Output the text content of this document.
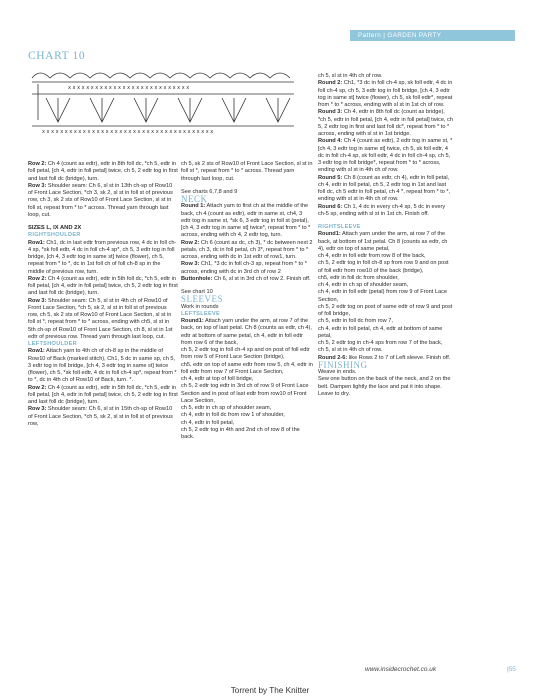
Pattern | GARDEN PARTY
CHART 10
x x x x x x x x x x x x x x x x x x x x x x x x x x x
x x x x x x x x x x x x x x x x x x x x x x x x x x x x x x x x x x x x x x

Row 2: Ch 4 (count as edtr), edtr in 8th foll dc, *ch 5, edtr in foll petal, [ch 4, edtr in foll petal] twice, ch 5, 2 edtr tog in first and last foll dc (bridge), turn.

Row 3: Shoulder seam: Ch 6, sl st in 13th ch-sp of Row10 of Front Lace Section, *ch 3, sk 2, sl st in foll st of previous row, ch 3, sk 2 sts of Row10 of Front Lace Section, sl st in foll st, repeat from * to * across. Thread yarn through last loop, cut.

SIZES L, IX AND 2X

RIGHTSHOULDER

Row1: Ch1, dc in last edtr from previous row, 4 dc in foll ch-4 sp, *sk foll edtr, 4 dc in foll ch-4 sp*, ch 5, 3 edtr tog in foll bridge, [ch 4, 3 edtr tog in same st] twice (flower), ch 5, repeat from * to *, dc in 1st foll ch of foll ch-8 sp in the middle of previous row, turn.

Row 2: Ch 4 (count as edtr), edtr in 5th foll dc, *ch 5, edtr in foll petal, [ch 4, edtr in foll petal] twice, ch 5, 2 edtr tog in first and last foll dc (bridge), turn.

Row 3: Shoulder seam: Ch 5, sl st in 4th ch of Row10 of Front Lace Section, *ch 5, sk 2, sl st in foll st of previous row, ch 5, sk 2 sts of Row10 of Front Lace Section, sl st in foll st *, repeat from * to * across, ending with ch5, sl st in 5th ch-sp of Row10 of Front Lace Section, ch 8, sl st in 1st edtr of previous row. Thread yarn through last loop, cut.

LEFTSHOULDER

Row1: Attach yarn to 4th ch of ch-8 sp in the middle of Row10 of Back (marked stitch), Ch1, 5 dc in same sp, ch 5, 3 edtr tog in foll bridge, [ch 4, 3 edtr tog in same st] twice (flower), ch 5, *sk foll edtr, 4 dc in foll ch-4 sp*, repeat from * to *, dc in 4th ch of Row10 of Back, turn. *.

Row 2: Ch 4 (count as edtr), edtr in 5th foll dc, *ch 5, edtr in foll petal, [ch 4, edtr in foll petal] twice, ch 5, 2 edtr tog in first and last foll dc (bridge), turn.

Row 3: Shoulder seam: Ch 6, sl st in 15th ch-sp of Row10 of Front Lace Section, *ch 5, sk 2, sl st in foll st of previous row,

ch 5, sk 2 sts of Row10 of Front Lace Section, sl st in foll st *, repeat from * to * across. Thread yarn through last loop, cut.

See charts 6,7,8 and 9

NECK

Round 1: Attach yarn to first ch at the middle of the back, ch 4 (count as edtr), edtr in same st, ch4, 3 edtr tog in same st, *sk 6, 3 edtr tog in foll st (petal), [ch 4, 3 edtr tog in same st] twice*, repeat from * to * across, ending with ch 4, 2 edtr tog, turn.

Row 2: Ch 6 (count as dc, ch 3), * dc between next 2 petals, ch 3, dc in foll petal, ch 3*, repeat from * to * across, ending with dc in 1st edtr of row1, turn.

Row 3: Ch1, *3 dc in foll ch-3 sp, repeat from * to * across, ending with dc in 3rd ch of row 2

Buttonhole: Ch 6, sl st in 3rd ch of row 2. Finish off.

See chart 10

SLEEVES

Work in rounds

LEFTSLEEVE

Round1: Attach yarn under the arm, at row 7 of the back, on top of last petal. Ch 8 (counts as edtr, ch 4), edtr at bottom of same petal, ch 4, edtr in foll edtr from row 6 of the back,

ch 5, 2 edtr tog in foll ch-4 sp and on post of foll edtr from row 5 of Front Lace Section (bridge),

ch5, edtr on top of same edtr from row 5, ch 4, edtr in foll edtr from row 7 of Front Lace Section,

ch 4, edtr at top of foll bridge,

ch 5, 2 edtr tog edtr in 3rd ch of row 9 of Front Lace Section and in post of last edtr from row10 of Front Lace Section,

ch 5, edtr in ch sp of shoulder seam,

ch 4, edtr in foll dc from row 1 of shoulder,

ch 4, edtr in foll petal,

ch 5, 2 edtr tog in 4th and 2nd ch of row 8 of the back.

ch 5, sl st in 4th ch of row.

Round 2: Ch1, *3 dc in foll ch-4 sp, sk foll edtr, 4 dc in foll ch-4 sp, ch 5, 3 edtr tog in foll bridge, [ch 4, 3 edtr tog in same st] twice (flower), ch 5, sk foll edtr*, repeat from * to * across, ending with sl st in 1st ch of row.

Round 3: Ch 4, edtr in 8th foll dc (count as bridge), *ch 5, edtr in foll petal, [ch 4, edtr in foll petal] twice, ch 5, 2 edtr tog in first and last foll dc*, repeat from * to * across, ending with sl st in 1st bridge.

Round 4: Ch 4 (count as edtr), 2 edtr tog in same st, * [ch 4, 3 edtr tog in same st] twice, ch 5, sk foll edtr, 4 dc in foll ch-4 sp, sk foll edtr, 4 dc in foll ch-4 sp, ch 5, 3 edtr tog in foll bridge*, repeat from * to * across, ending with sl st in 4th ch of row.

Round 5: Ch 8 (count as edtr, ch 4), edtr in foll petal, ch 4, edtr in foll petal, ch 5, 2 edtr tog in 1st and last foll dc, ch 5 edtr in foll petal, ch 4 *, repeat from * to *, ending with sl st in 4th ch of row.

Round 6: Ch 1, 4 dc in every ch-4 sp, 5 dc in every ch-5 sp, ending with sl st in 1st ch. Finish off.

RIGHTSLEEVE

Round1: Attach yarn under the arm, at row 7 of the back, at bottom of 1st petal. Ch 8 (counts as edtr, ch 4), edtr on top of same petal,

ch 4, edtr in foll edtr from row 8 of the back,

ch 5, 2 edtr tog in foll ch-8 sp from row 9 and on post of foll edtr from row10 of the back (bridge),

ch5, edtr in foll dc from shoulder,

ch 4, edtr in ch sp of shoulder seam,

ch 4, edtr in foll edtr (petal) from row 9 of Front Lace Section,

ch 5, 2 edtr tog on post of same edtr of row 9 and post of foll bridge,

ch 5, edtr in foll dc from row 7,

ch 4, edtr in foll petal, ch 4, edtr at bottom of same petal,

ch 5, 2 edtr tog in ch-4 sps from row 7 of the back,

ch 5, sl st in 4th ch of row.

Round 2-6: like Rows 2 to 7 of Left sleeve. Finish off.

FINISHING

Weave in ends.

Sew one button on the back of the neck, and 2 on the belt. Dampen lightly the lace and pat it into shape. Leave to dry.

www.insidecrochet.co.uk	|55
Torrent by The Knitter
